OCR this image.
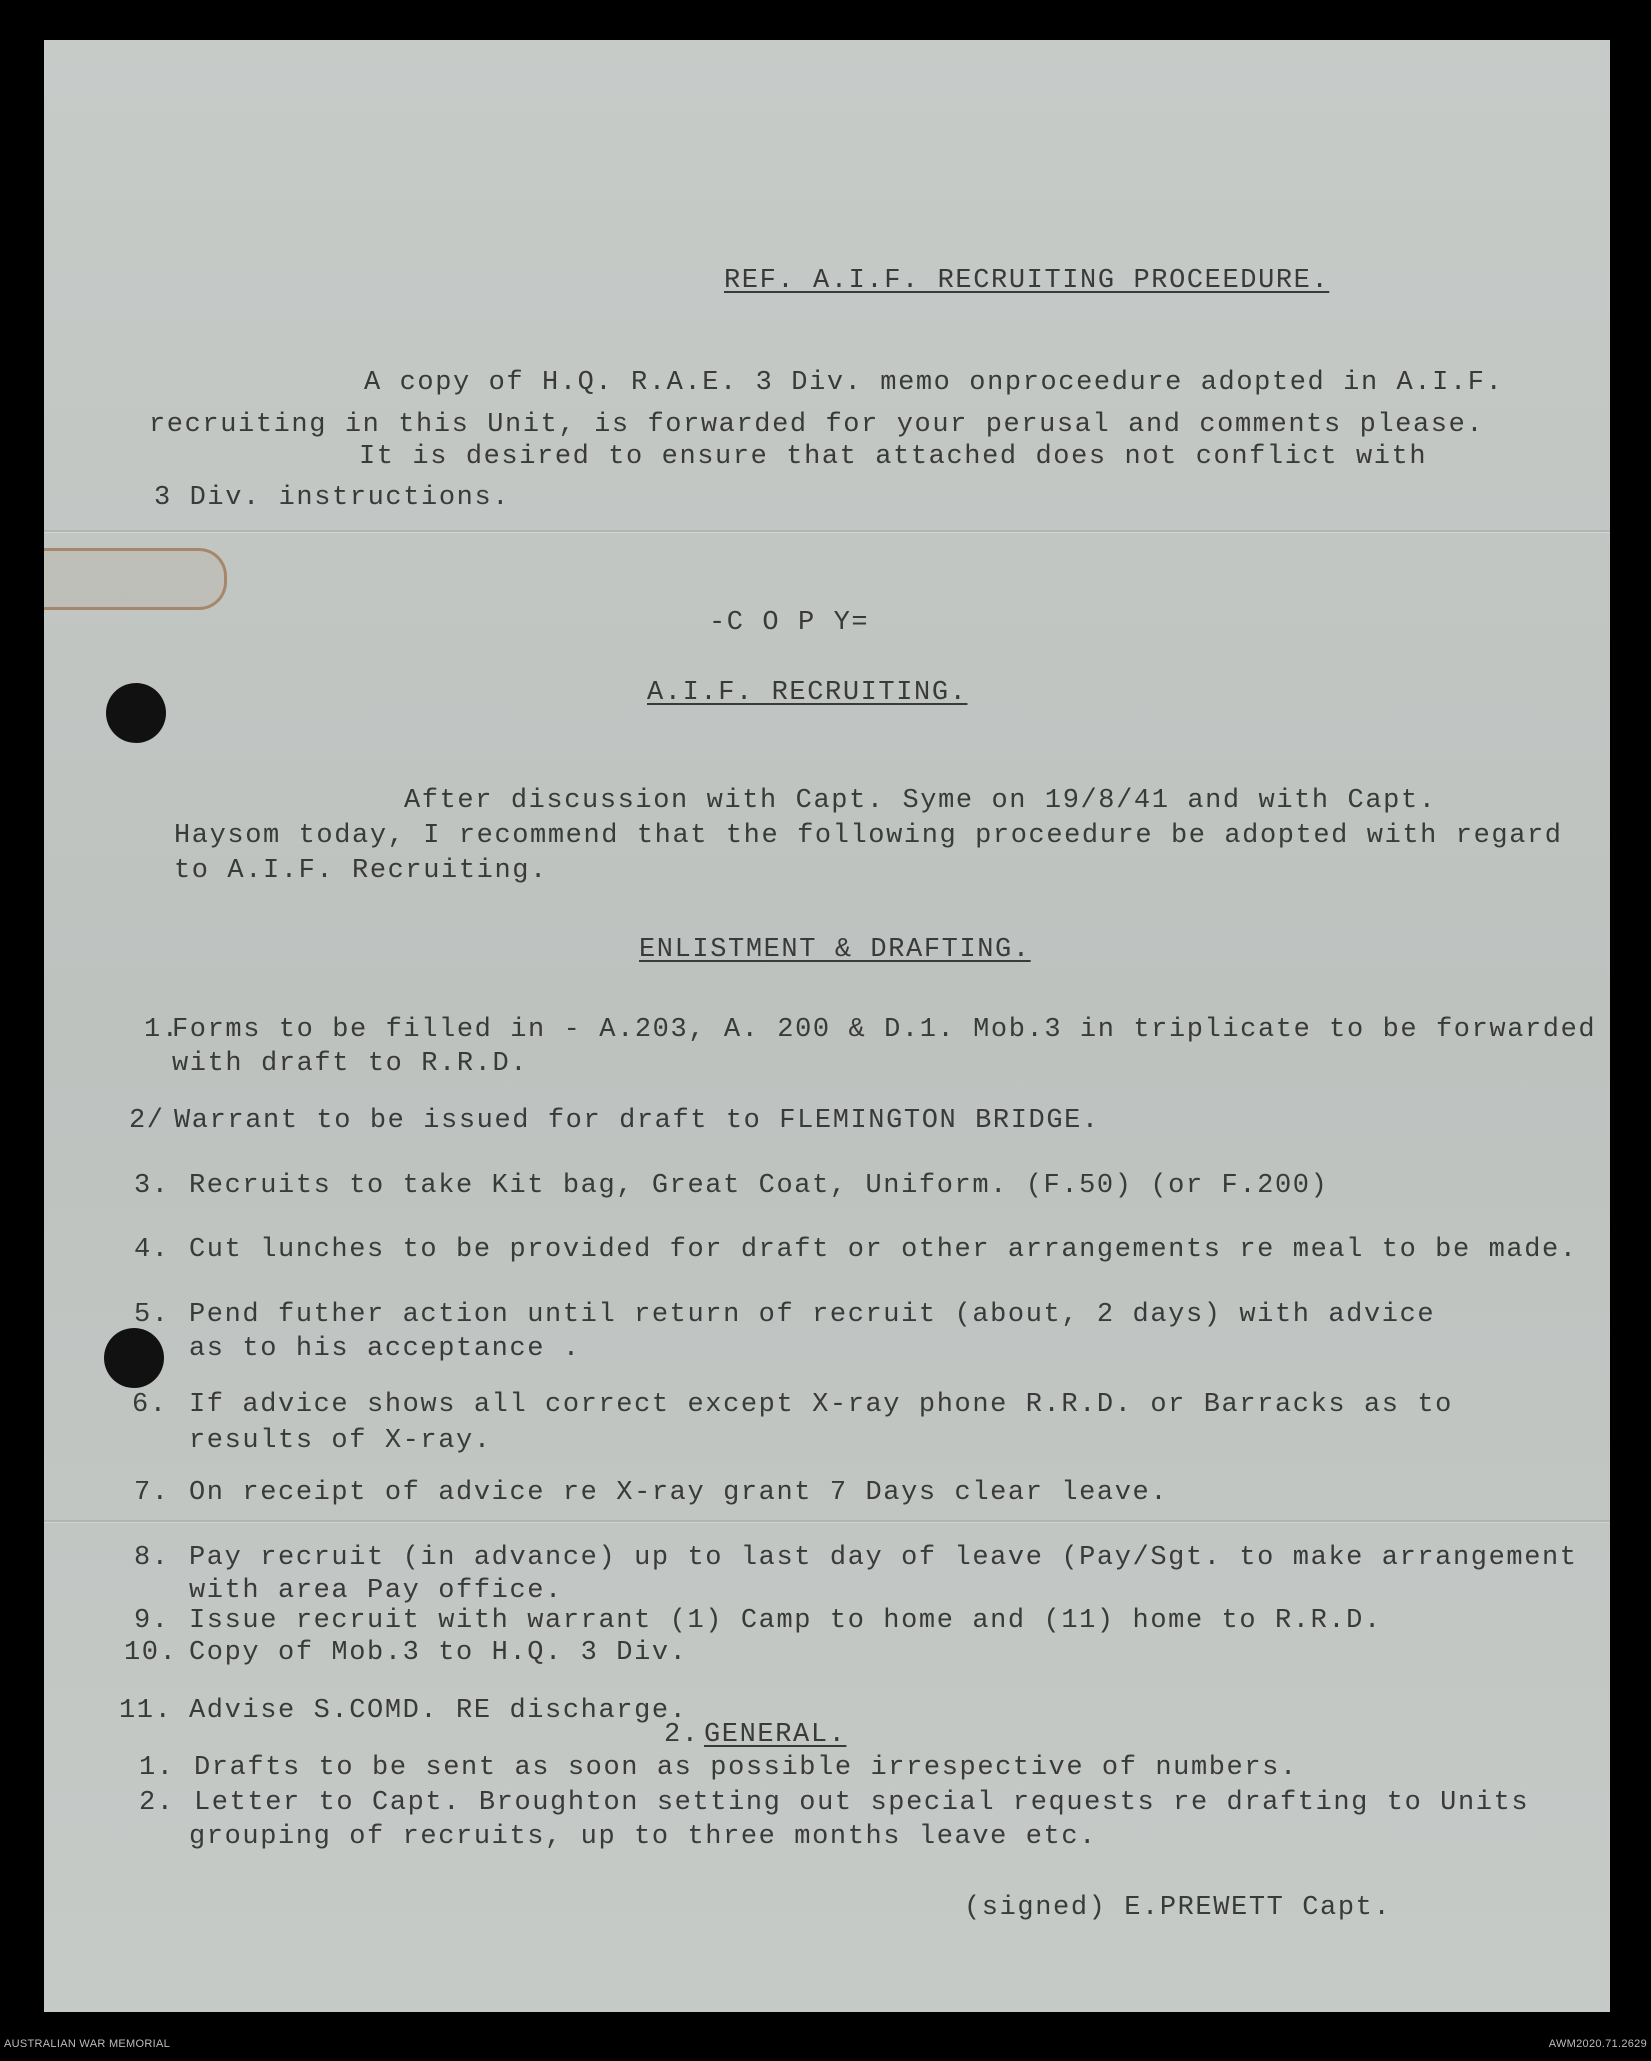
REF. A.I.F. RECRUITING PROCEEDURE.
A copy of H.Q. R.A.E. 3 Div. memo onproceedure adopted in A.I.F.
recruiting in this Unit, is forwarded for your perusal and comments please.
It is desired to ensure that attached does not conflict with
3 Div. instructions.
-C O P Y=
A.I.F. RECRUITING.
After discussion with Capt. Syme on 19/8/41 and with Capt.
Haysom today, I recommend that the following proceedure be adopted with regard
to A.I.F. Recruiting.
ENLISTMENT & DRAFTING.
1.
Forms to be filled in - A.203, A. 200 & D.1. Mob.3 in triplicate to be forwarded
with draft to R.R.D.
2/ Warrant to be issued for draft to FLEMINGTON BRIDGE.
3. Recruits to take Kit bag, Great Coat, Uniform. (F.50) (or F.200)
4. Cut lunches to be provided for draft or other arrangements re meal to be made.
5. Pend futher action until return of recruit (about, 2 days) with advice
as to his acceptance .
6. If advice shows all correct except X-ray phone R.R.D. or Barracks as to
results of X-ray.
7. On receipt of advice re X-ray grant 7 Days clear leave.
8. Pay recruit (in advance) up to last day of leave (Pay/Sgt. to make arrangement
with area Pay office.
9. Issue recruit with warrant (1) Camp to home and (11) home to R.R.D.
10. Copy of Mob.3 to H.Q. 3 Div.
11. Advise S.COMD. RE discharge.
2. GENERAL.
1. Drafts to be sent as soon as possible irrespective of numbers.
2. Letter to Capt. Broughton setting out special requests re drafting to Units
grouping of recruits, up to three months leave etc.
(signed) E.PREWETT Capt.
AUSTRALIAN WAR MEMORIAL	AWM2020.71.2629
